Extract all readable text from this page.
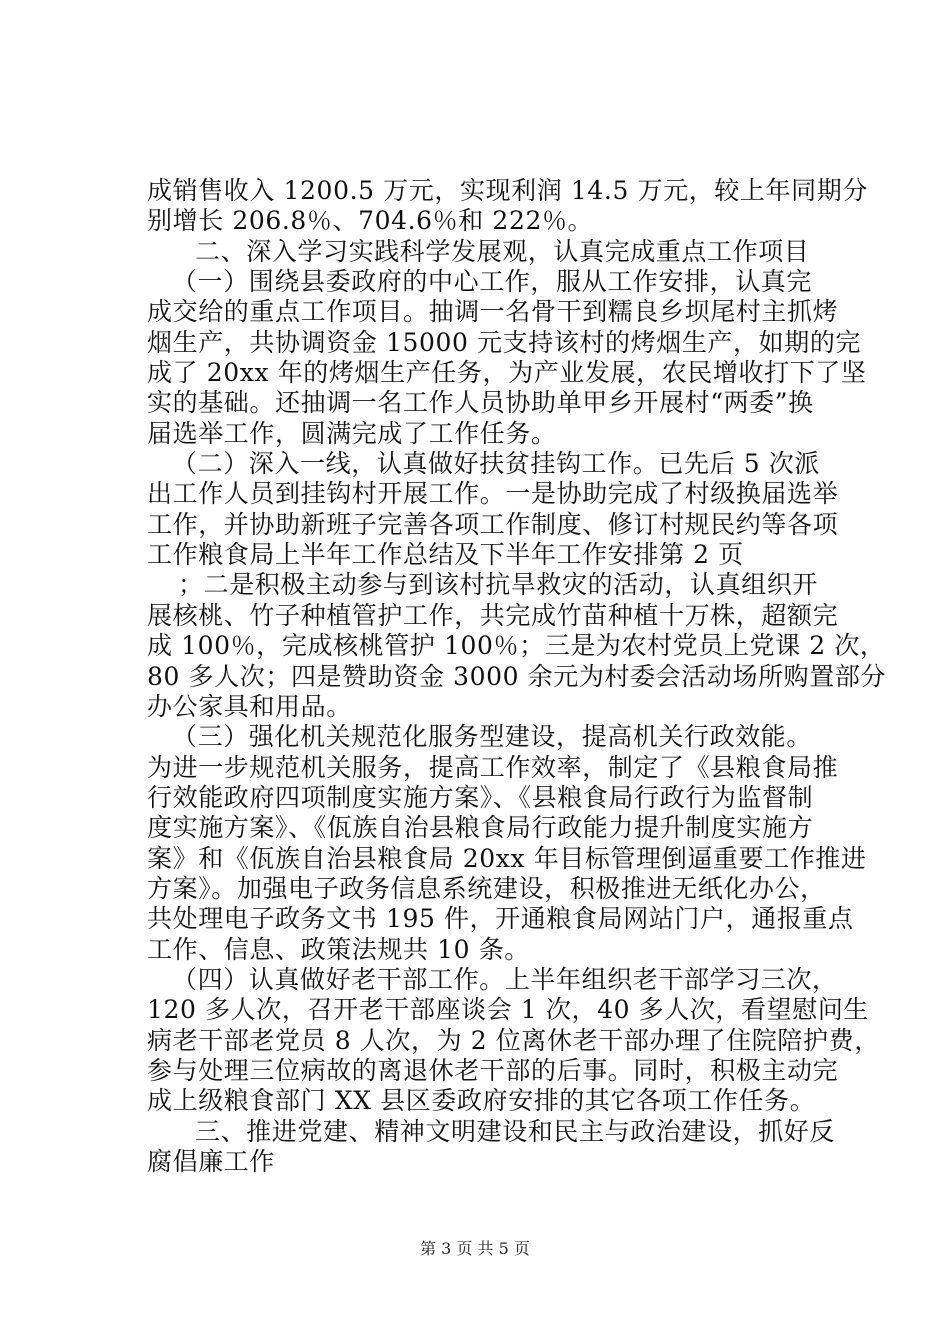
成销售收入 1200.5 万元，实现利润 14.5 万元，较上年同期分
别增长 206.8％、704.6％和 222％。
二、深入学习实践科学发展观，认真完成重点工作项目
（一）围绕县委政府的中心工作，服从工作安排，认真完
成交给的重点工作项目。抽调一名骨干到糯良乡坝尾村主抓烤
烟生产，共协调资金 15000 元支持该村的烤烟生产，如期的完
成了 20xx 年的烤烟生产任务，为产业发展，农民增收打下了坚
实的基础。还抽调一名工作人员协助单甲乡开展村“两委”换
届选举工作，圆满完成了工作任务。
（二）深入一线，认真做好扶贫挂钩工作。已先后 5 次派
出工作人员到挂钩村开展工作。一是协助完成了村级换届选举
工作，并协助新班子完善各项工作制度、修订村规民约等各项
工作粮食局上半年工作总结及下半年工作安排第 2 页
；二是积极主动参与到该村抗旱救灾的活动，认真组织开
展核桃、竹子种植管护工作，共完成竹苗种植十万株，超额完
成 100％，完成核桃管护 100％；三是为农村党员上党课 2 次，
80 多人次；四是赞助资金 3000 余元为村委会活动场所购置部分
办公家具和用品。
（三）强化机关规范化服务型建设，提高机关行政效能。
为进一步规范机关服务，提高工作效率，制定了《县粮食局推
行效能政府四项制度实施方案》、《县粮食局行政行为监督制
度实施方案》、《佤族自治县粮食局行政能力提升制度实施方
案》和《佤族自治县粮食局 20xx 年目标管理倒逼重要工作推进
方案》。加强电子政务信息系统建设，积极推进无纸化办公，
共处理电子政务文书 195 件，开通粮食局网站门户，通报重点
工作、信息、政策法规共 10 条。
（四）认真做好老干部工作。上半年组织老干部学习三次，
120 多人次，召开老干部座谈会 1 次，40 多人次，看望慰问生
病老干部老党员 8 人次，为 2 位离休老干部办理了住院陪护费，
参与处理三位病故的离退休老干部的后事。同时，积极主动完
成上级粮食部门 XX 县区委政府安排的其它各项工作任务。
三、推进党建、精神文明建设和民主与政治建设，抓好反
腐倡廉工作
第 3 页 共 5 页
